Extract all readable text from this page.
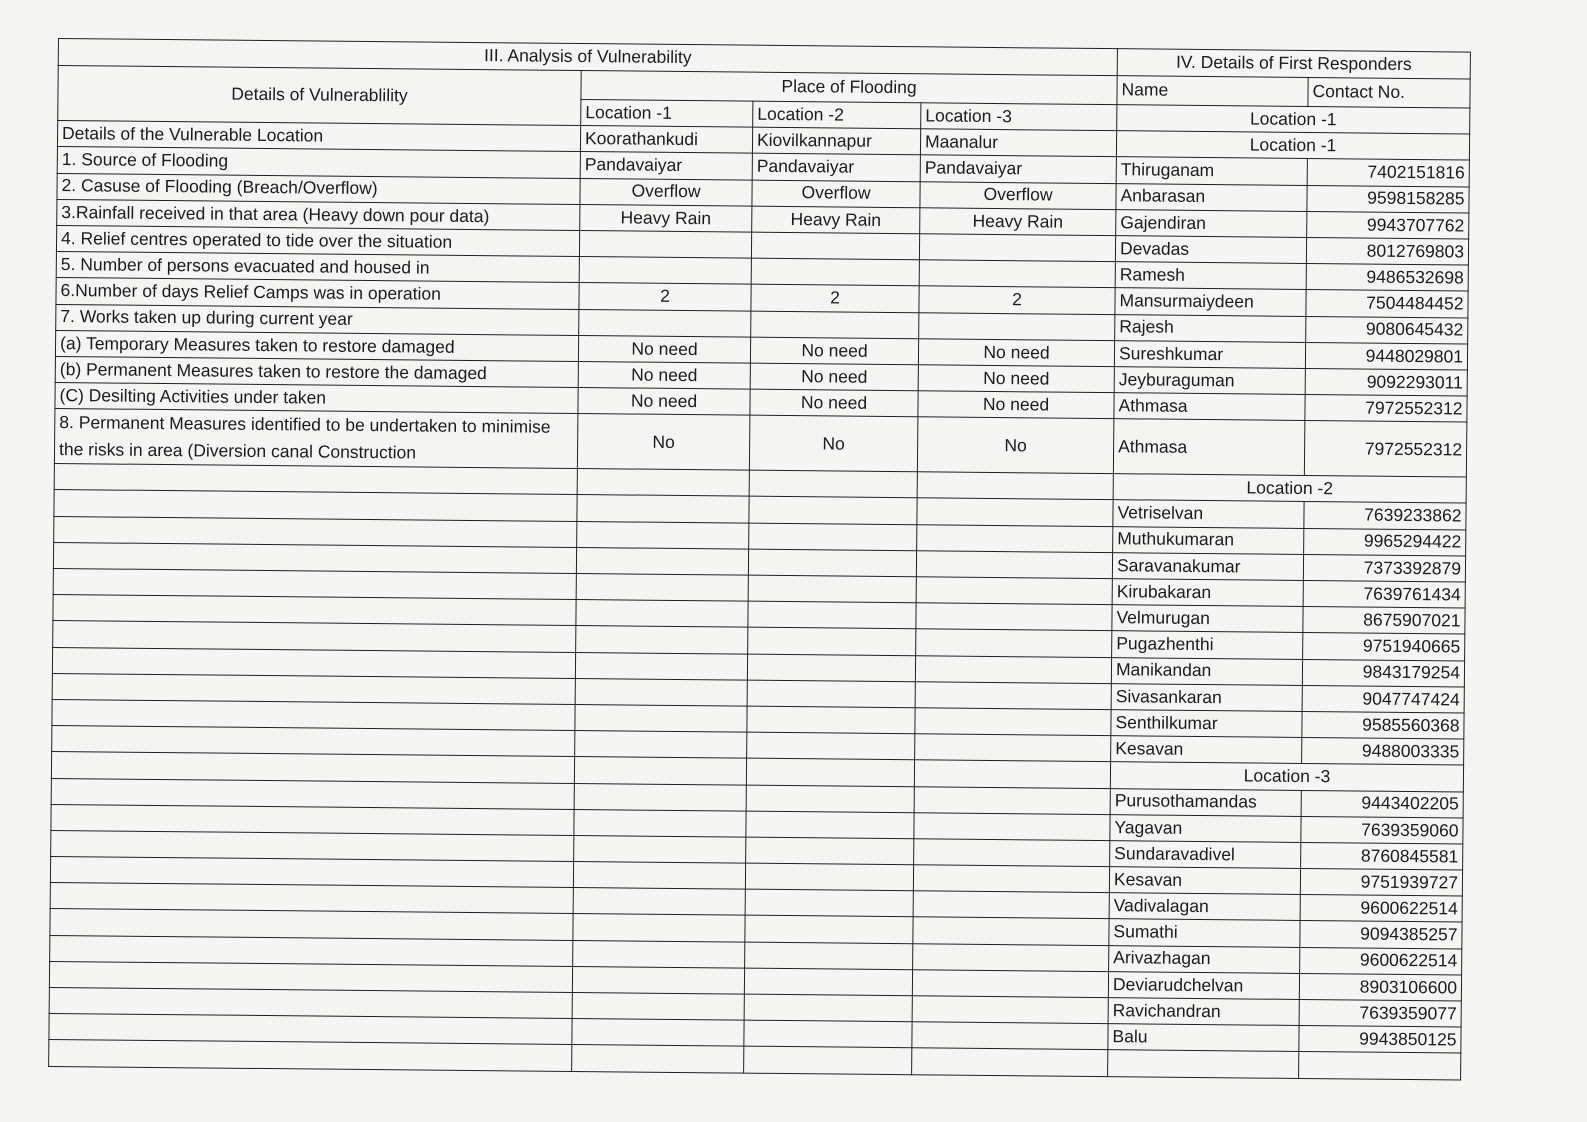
III. Analysis of Vulnerability				IV. Details of First Responders	
Details of Vulnerablility	Place of Flooding			Name	Contact No.
	Location -1	Location -2	Location -3	Location -1	
Details of the Vulnerable Location	Koorathankudi	Kiovilkannapur	Maanalur	Location -1	
1. Source of Flooding	Pandavaiyar	Pandavaiyar	Pandavaiyar	Thiruganam	7402151816
2. Casuse of Flooding (Breach/Overflow)	Overflow	Overflow	Overflow	Anbarasan	9598158285
3.Rainfall received in that area (Heavy down pour data)	Heavy Rain	Heavy Rain	Heavy Rain	Gajendiran	9943707762
4. Relief centres operated to tide over the situation				Devadas	8012769803
5. Number of persons evacuated and housed in				Ramesh	9486532698
6.Number of days Relief Camps was in operation	2	2	2	Mansurmaiydeen	7504484452
7. Works taken up during current year				Rajesh	9080645432
(a) Temporary Measures taken to restore damaged	No need	No need	No need	Sureshkumar	9448029801
(b) Permanent Measures taken to restore the damaged	No need	No need	No need	Jeyburaguman	9092293011
(C) Desilting Activities under taken	No need	No need	No need	Athmasa	7972552312
8. Permanent Measures identified to be undertaken to minimise the risks in area (Diversion canal Construction	No	No	No	Athmasa	7972552312
				Location -2	
				Vetriselvan	7639233862
				Muthukumaran	9965294422
				Saravanakumar	7373392879
				Kirubakaran	7639761434
				Velmurugan	8675907021
				Pugazhenthi	9751940665
				Manikandan	9843179254
				Sivasankaran	9047747424
				Senthilkumar	9585560368
				Kesavan	9488003335
				Location -3	
				Purusothamandas	9443402205
				Yagavan	7639359060
				Sundaravadivel	8760845581
				Kesavan	9751939727
				Vadivalagan	9600622514
				Sumathi	9094385257
				Arivazhagan	9600622514
				Deviarudchelvan	8903106600
				Ravichandran	7639359077
				Balu	9943850125
